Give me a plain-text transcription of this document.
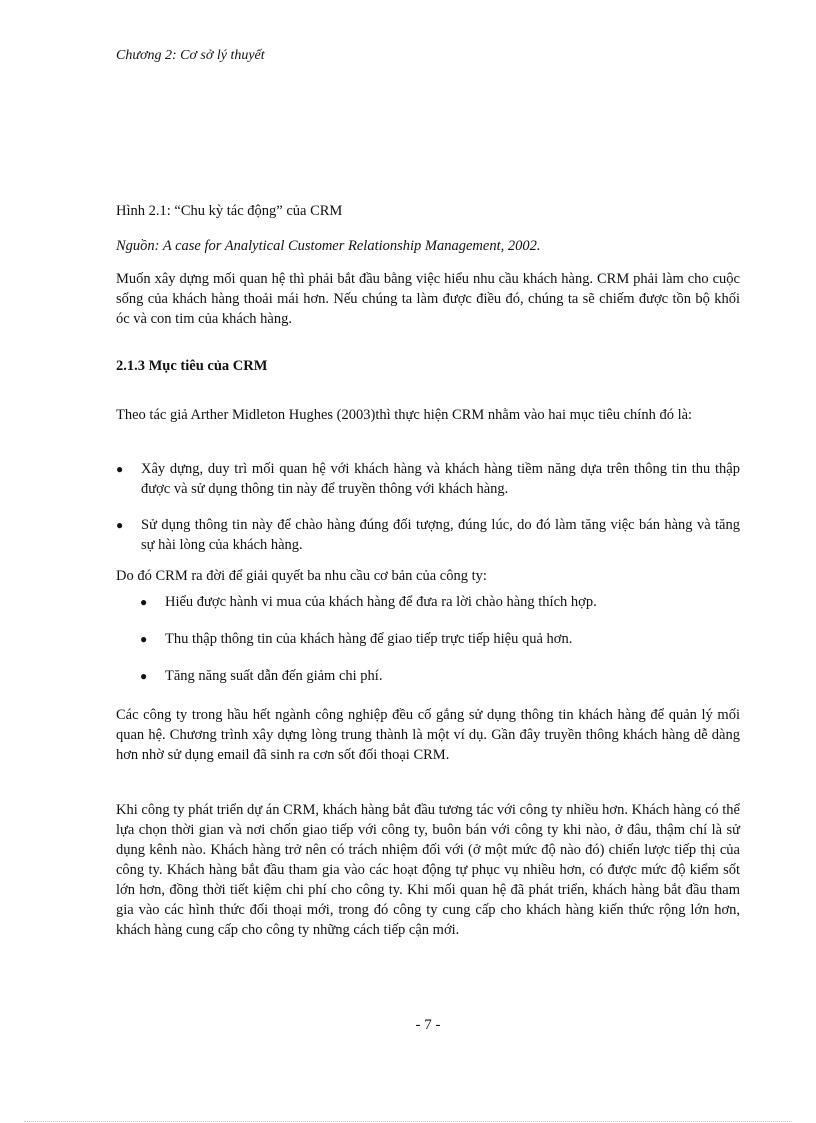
Chương 2: Cơ sở lý thuyết
Hình 2.1: “Chu kỳ tác động” của CRM
Nguồn: A case for Analytical Customer Relationship Management, 2002.

Muốn xây dựng mối quan hệ thì phải bắt đầu bằng việc hiểu nhu cầu khách hàng. CRM phải làm cho cuộc sống của khách hàng thoải mái hơn. Nếu chúng ta làm được điều đó, chúng ta sẽ chiếm được tồn bộ khối óc và con tim của khách hàng.

2.1.3 Mục tiêu của CRM

Theo tác giả Arther Midleton Hughes (2003)thì thực hiện CRM nhằm vào hai mục tiêu chính đó là:

● Xây dựng, duy trì mối quan hệ với khách hàng và khách hàng tiềm năng dựa trên thông tin thu thập được và sử dụng thông tin này để truyền thông với khách hàng.
● Sử dụng thông tin này để chào hàng đúng đối tượng, đúng lúc, do đó làm tăng việc bán hàng và tăng sự hài lòng của khách hàng.

Do đó CRM ra đời để giải quyết ba nhu cầu cơ bản của công ty:

● Hiểu được hành vi mua của khách hàng để đưa ra lời chào hàng thích hợp.
● Thu thập thông tin của khách hàng để giao tiếp trực tiếp hiệu quả hơn.
● Tăng năng suất dẫn đến giảm chi phí.

Các công ty trong hầu hết ngành công nghiệp đều cố gắng sử dụng thông tin khách hàng để quản lý mối quan hệ. Chương trình xây dựng lòng trung thành là một ví dụ. Gần đây truyền thông khách hàng dễ dàng hơn nhờ sử dụng email đã sinh ra cơn sốt đối thoại CRM.

Khi công ty phát triển dự án CRM, khách hàng bắt đầu tương tác với công ty nhiều hơn. Khách hàng có thể lựa chọn thời gian và nơi chốn giao tiếp với công ty, buôn bán với công ty khi nào, ở đâu, thậm chí là sử dụng kênh nào. Khách hàng trở nên có trách nhiệm đối với (ở một mức độ nào đó) chiến lược tiếp thị của công ty. Khách hàng bắt đầu tham gia vào các hoạt động tự phục vụ nhiều hơn, có được mức độ kiểm sốt lớn hơn, đồng thời tiết kiệm chi phí cho công ty. Khi mối quan hệ đã phát triển, khách hàng bắt đầu tham gia vào các hình thức đối thoại mới, trong đó công ty cung cấp cho khách hàng kiến thức rộng lớn hơn, khách hàng cung cấp cho công ty những cách tiếp cận mới.

- 7 -
